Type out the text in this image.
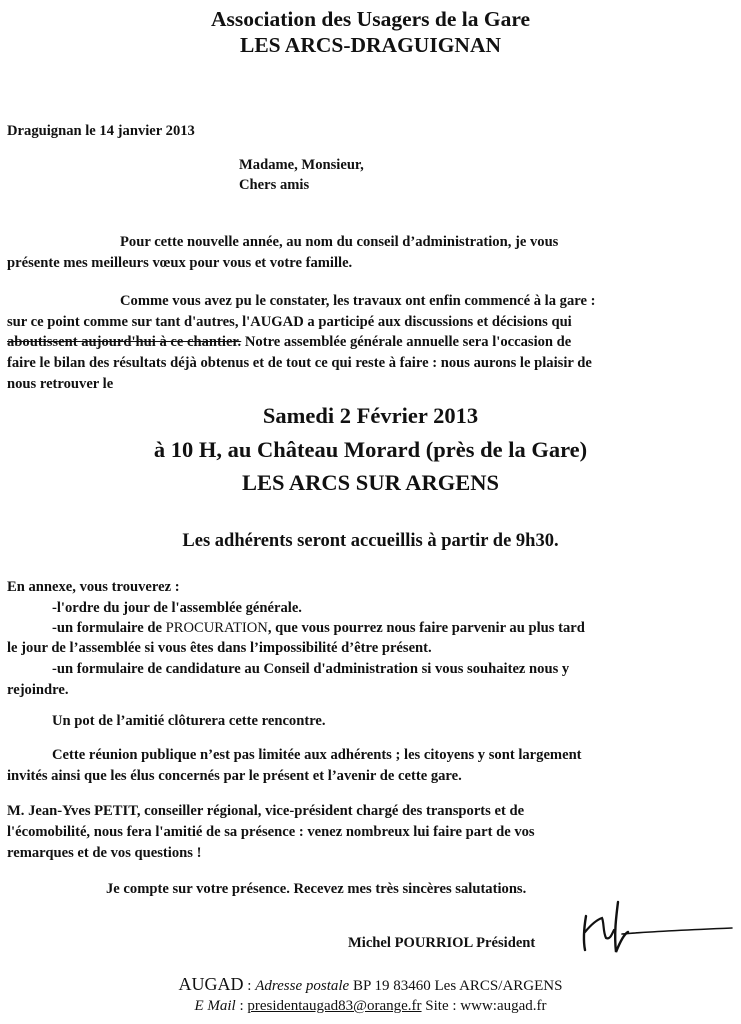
Association des Usagers de la Gare
LES ARCS-DRAGUIGNAN
Draguignan le 14 janvier 2013
Madame, Monsieur,
Chers amis
Pour cette nouvelle année, au nom du conseil d’administration, je vous
présente mes meilleurs vœux pour vous et votre famille.
Comme vous avez pu le constater, les travaux ont enfin commencé à la gare :
sur ce point comme sur tant d'autres, l'AUGAD a participé aux discussions et décisions qui
aboutissent aujourd'hui à ce chantier. Notre assemblée générale annuelle sera l'occasion de
faire le bilan des résultats déjà obtenus et de tout ce qui reste à faire : nous aurons le plaisir de
nous retrouver le
Samedi 2 Février 2013
à 10 H, au Château Morard (près de la Gare)
LES ARCS SUR ARGENS
Les adhérents seront accueillis à partir de 9h30.
En annexe, vous trouverez :
-l'ordre du jour de l'assemblée générale.
-un formulaire de PROCURATION, que vous pourrez nous faire parvenir au plus tard
le jour de l’assemblée si vous êtes dans l’impossibilité d’être présent.
-un formulaire de candidature au Conseil d'administration si vous souhaitez nous y
rejoindre.
Un pot de l’amitié clôturera cette rencontre.
Cette réunion publique n’est pas limitée aux adhérents ; les citoyens y sont largement
invités ainsi que les élus concernés par le présent et l’avenir de cette gare.
M. Jean-Yves PETIT, conseiller régional, vice-président chargé des transports et de
l'écomobilité, nous fera l'amitié de sa présence : venez nombreux lui faire part de vos
remarques et de vos questions !
Je compte sur votre présence. Recevez mes très sincères salutations.
Michel POURRIOL Président
AUGAD : Adresse postale BP 19 83460 Les ARCS/ARGENS
E Mail : presidentaugad83@orange.fr Site : www:augad.fr
